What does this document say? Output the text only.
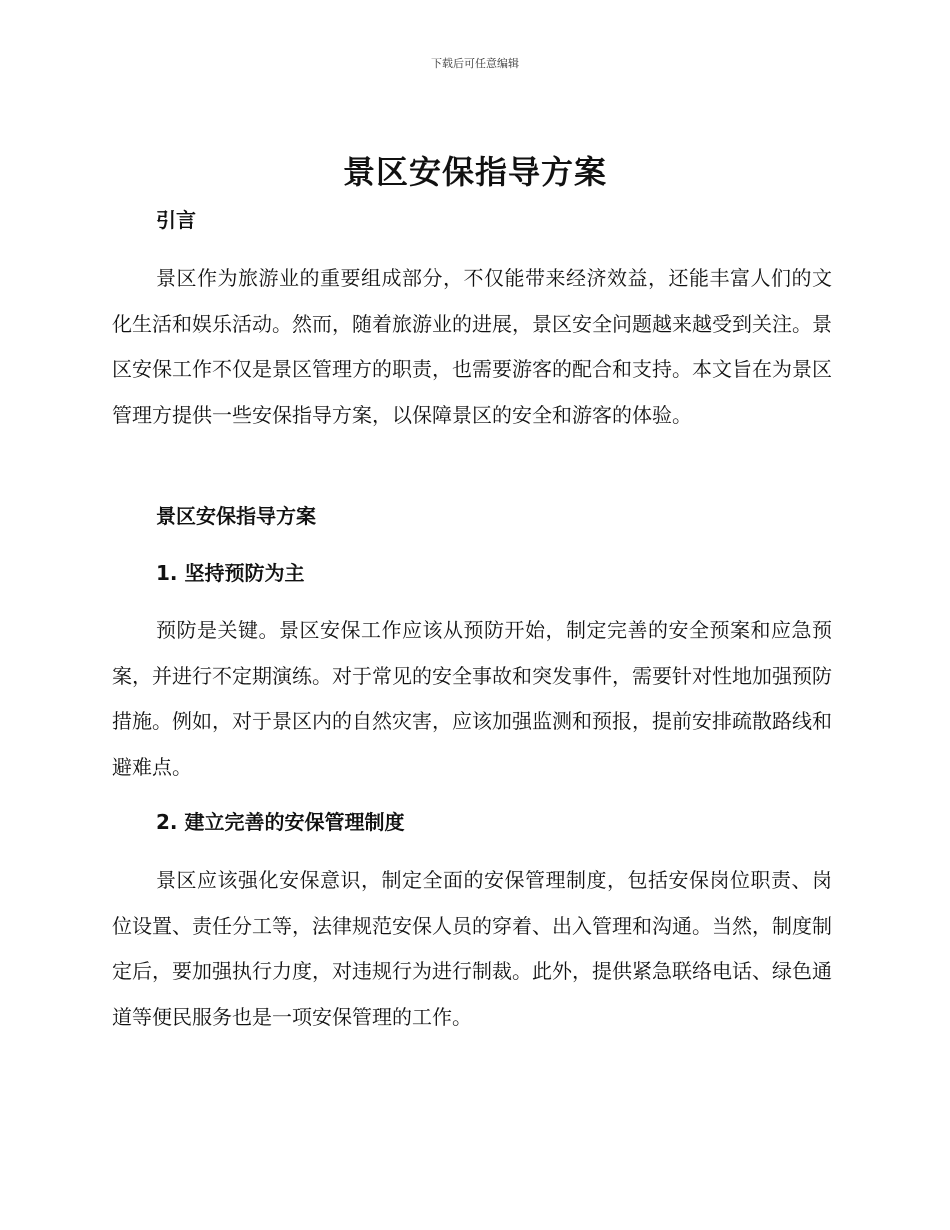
下载后可任意编辑
景区安保指导方案
引言

景区作为旅游业的重要组成部分，不仅能带来经济效益，还能丰富人们的文化生活和娱乐活动。然而，随着旅游业的进展，景区安全问题越来越受到关注。景区安保工作不仅是景区管理方的职责，也需要游客的配合和支持。本文旨在为景区管理方提供一些安保指导方案，以保障景区的安全和游客的体验。

景区安保指导方案
1. 坚持预防为主

预防是关键。景区安保工作应该从预防开始，制定完善的安全预案和应急预案，并进行不定期演练。对于常见的安全事故和突发事件，需要针对性地加强预防措施。例如，对于景区内的自然灾害，应该加强监测和预报，提前安排疏散路线和避难点。

2. 建立完善的安保管理制度

景区应该强化安保意识，制定全面的安保管理制度，包括安保岗位职责、岗位设置、责任分工等，法律规范安保人员的穿着、出入管理和沟通。当然，制度制定后，要加强执行力度，对违规行为进行制裁。此外，提供紧急联络电话、绿色通道等便民服务也是一项安保管理的工作。
